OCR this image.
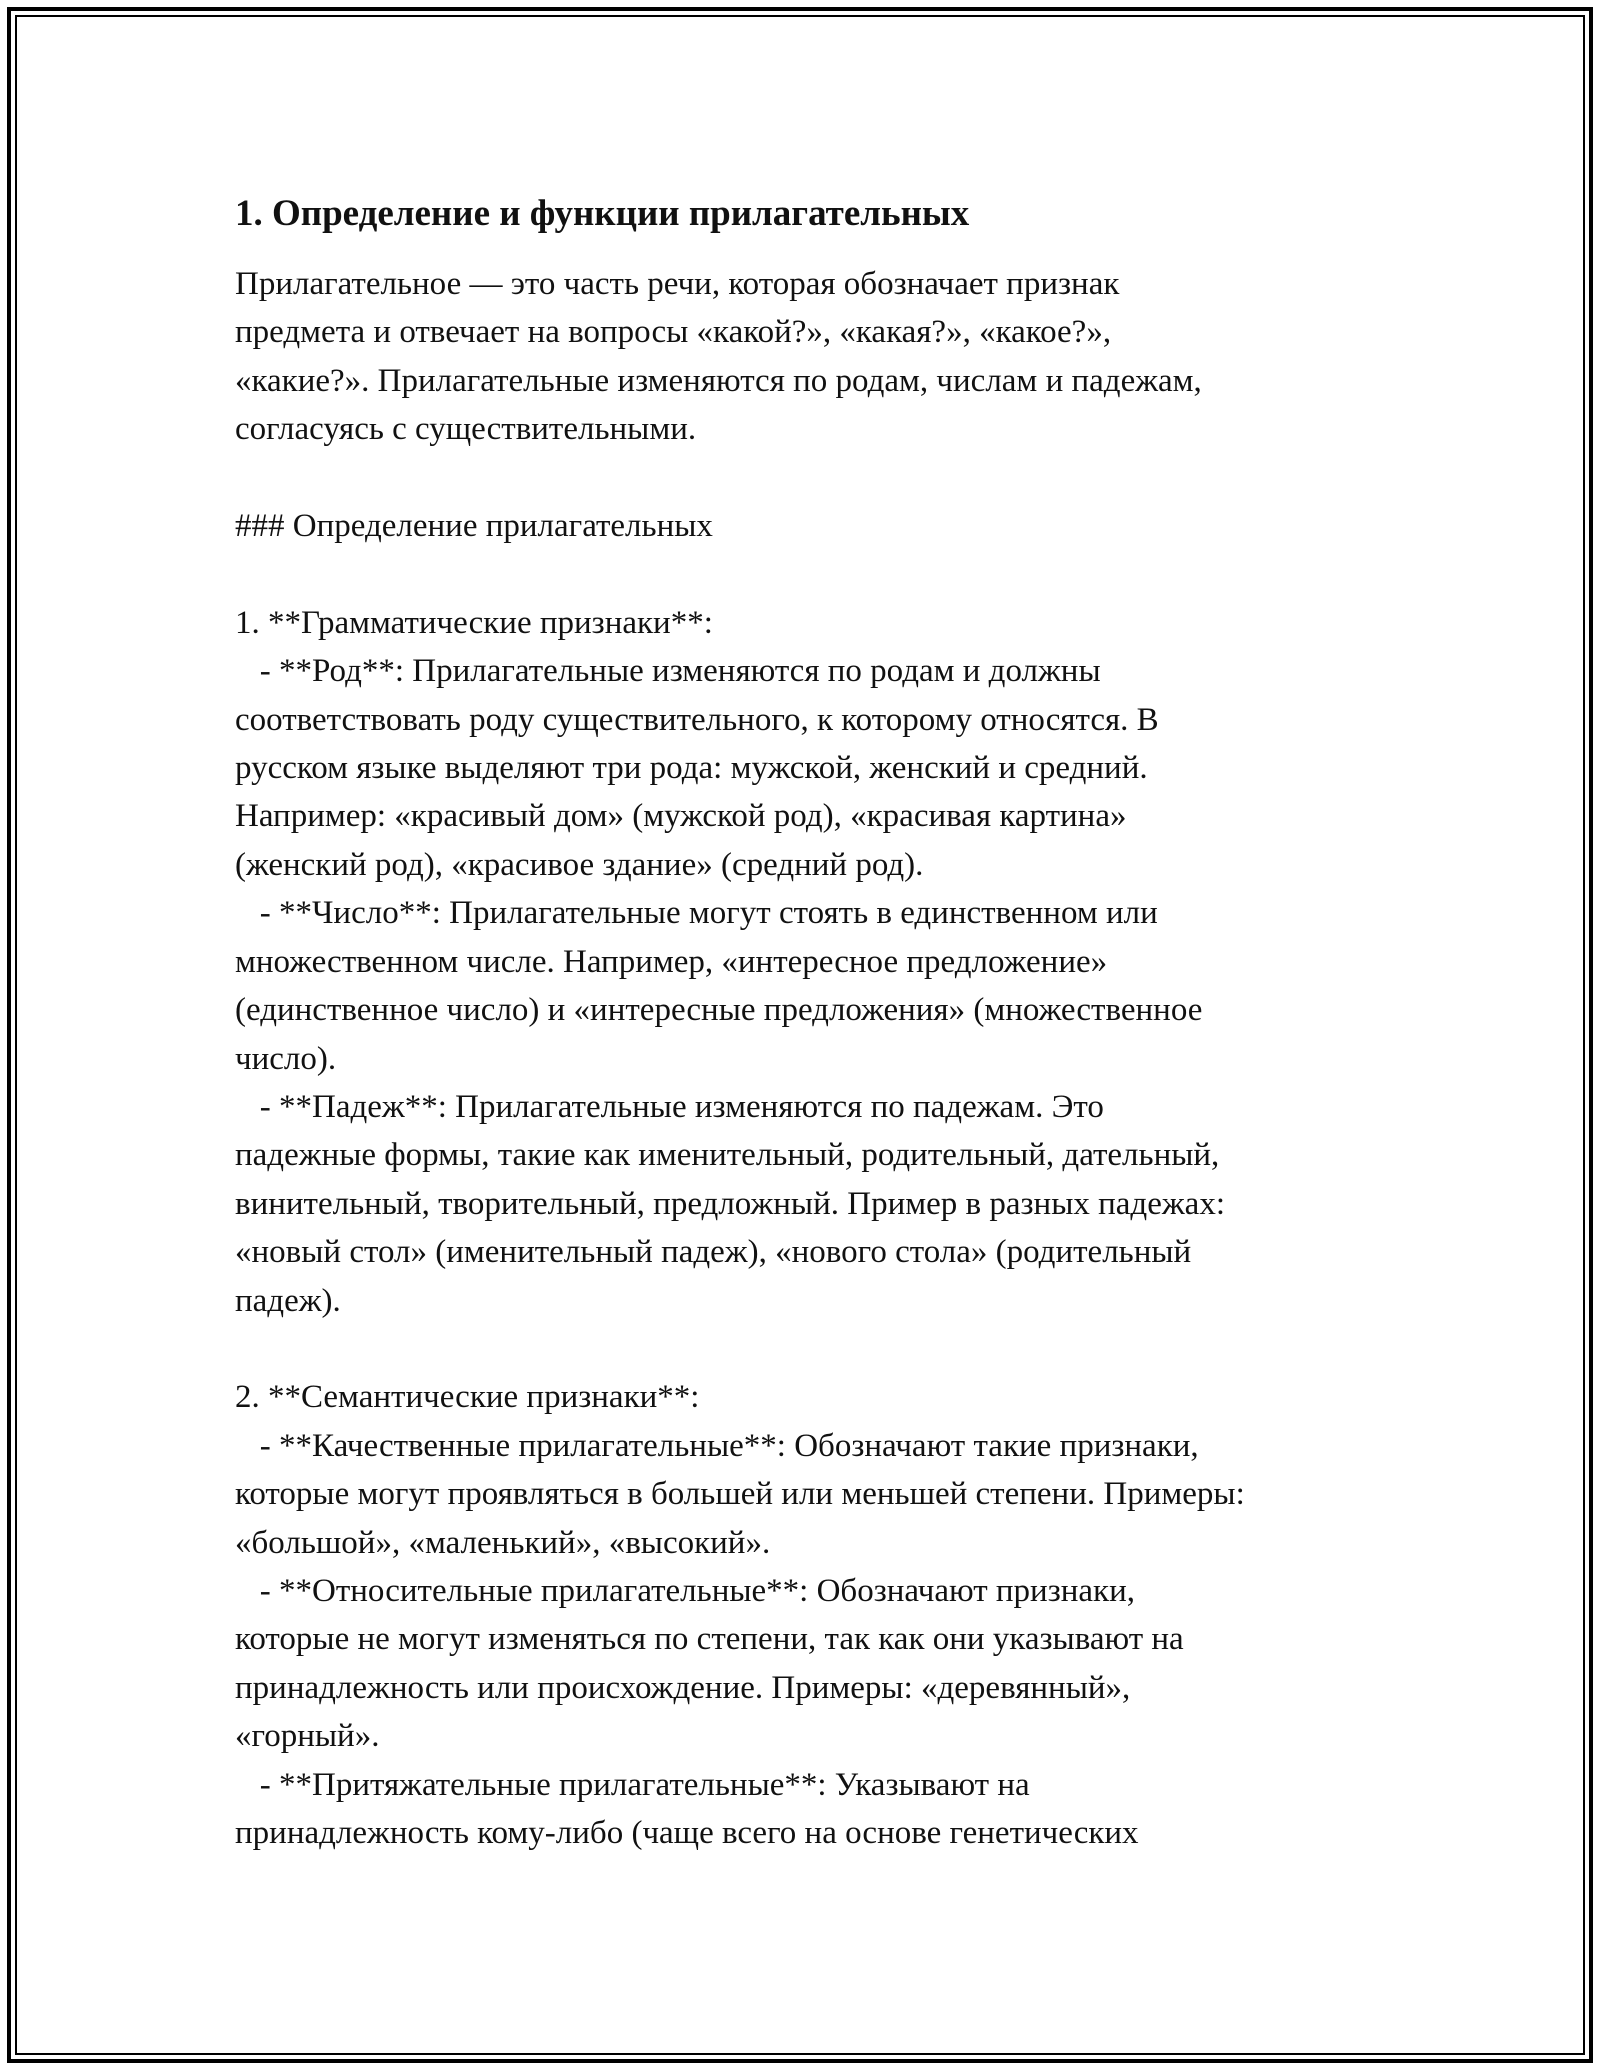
1. Определение и функции прилагательных
Прилагательное — это часть речи, которая обозначает признак
предмета и отвечает на вопросы «какой?», «какая?», «какое?»,
«какие?». Прилагательные изменяются по родам, числам и падежам,
согласуясь с существительными.

### Определение прилагательных

1. **Грамматические признаки**:
- **Род**: Прилагательные изменяются по родам и должны
соответствовать роду существительного, к которому относятся. В
русском языке выделяют три рода: мужской, женский и средний.
Например: «красивый дом» (мужской род), «красивая картина»
(женский род), «красивое здание» (средний род).
- **Число**: Прилагательные могут стоять в единственном или
множественном числе. Например, «интересное предложение»
(единственное число) и «интересные предложения» (множественное
число).
- **Падеж**: Прилагательные изменяются по падежам. Это
падежные формы, такие как именительный, родительный, дательный,
винительный, творительный, предложный. Пример в разных падежах:
«новый стол» (именительный падеж), «нового стола» (родительный
падеж).

2. **Семантические признаки**:
- **Качественные прилагательные**: Обозначают такие признаки,
которые могут проявляться в большей или меньшей степени. Примеры:
«большой», «маленький», «высокий».
- **Относительные прилагательные**: Обозначают признаки,
которые не могут изменяться по степени, так как они указывают на
принадлежность или происхождение. Примеры: «деревянный»,
«горный».
- **Притяжательные прилагательные**: Указывают на
принадлежность кому-либо (чаще всего на основе генетических
